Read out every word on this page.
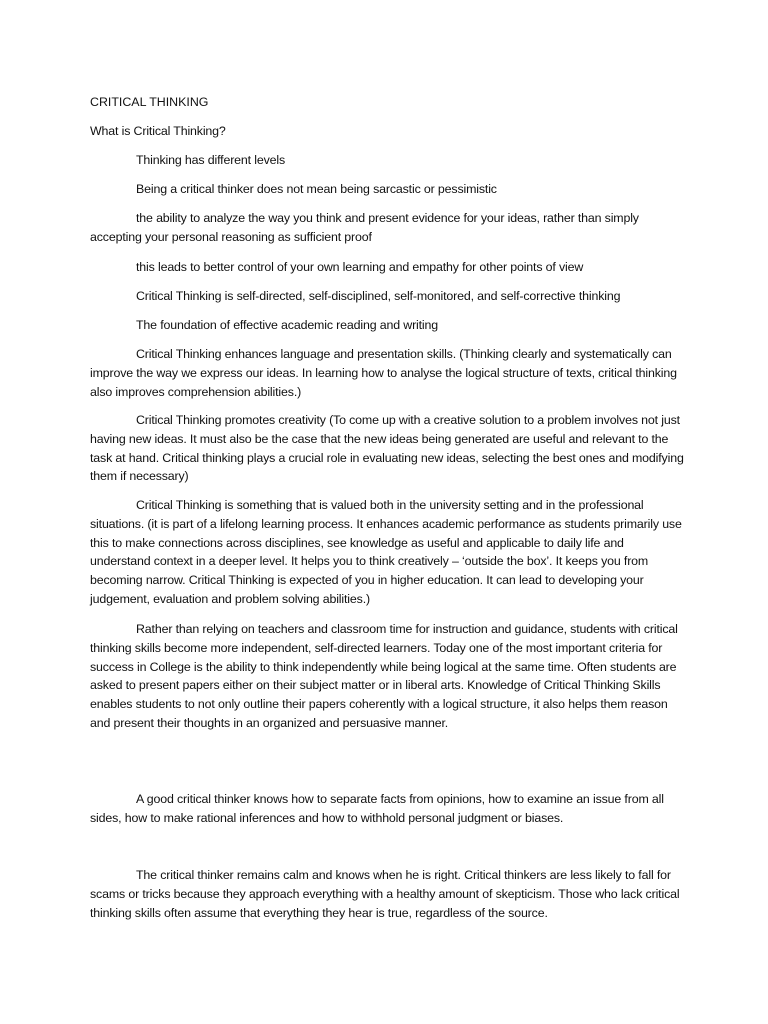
CRITICAL THINKING

What is Critical Thinking?

Thinking has different levels

Being a critical thinker does not mean being sarcastic or pessimistic

the ability to analyze the way you think and present evidence for your ideas, rather than simply accepting your personal reasoning as sufficient proof

this leads to better control of your own learning and empathy for other points of view

Critical Thinking is self-directed, self-disciplined, self-monitored, and self-corrective thinking

The foundation of effective academic reading and writing

Critical Thinking enhances language and presentation skills. (Thinking clearly and systematically can improve the way we express our ideas. In learning how to analyse the logical structure of texts, critical thinking also improves comprehension abilities.)

Critical Thinking promotes creativity (To come up with a creative solution to a problem involves not just having new ideas. It must also be the case that the new ideas being generated are useful and relevant to the task at hand. Critical thinking plays a crucial role in evaluating new ideas, selecting the best ones and modifying them if necessary)

Critical Thinking is something that is valued both in the university setting and in the professional situations. (it is part of a lifelong learning process. It enhances academic performance as students primarily use this to make connections across disciplines, see knowledge as useful and applicable to daily life and understand context in a deeper level. It helps you to think creatively – ‘outside the box’. It keeps you from becoming narrow. Critical Thinking is expected of you in higher education. It can lead to developing your judgement, evaluation and problem solving abilities.)

Rather than relying on teachers and classroom time for instruction and guidance, students with critical thinking skills become more independent, self-directed learners. Today one of the most important criteria for success in College is the ability to think independently while being logical at the same time. Often students are asked to present papers either on their subject matter or in liberal arts. Knowledge of Critical Thinking Skills enables students to not only outline their papers coherently with a logical structure, it also helps them reason and present their thoughts in an organized and persuasive manner.

A good critical thinker knows how to separate facts from opinions, how to examine an issue from all sides, how to make rational inferences and how to withhold personal judgment or biases.

The critical thinker remains calm and knows when he is right. Critical thinkers are less likely to fall for scams or tricks because they approach everything with a healthy amount of skepticism. Those who lack critical thinking skills often assume that everything they hear is true, regardless of the source.
